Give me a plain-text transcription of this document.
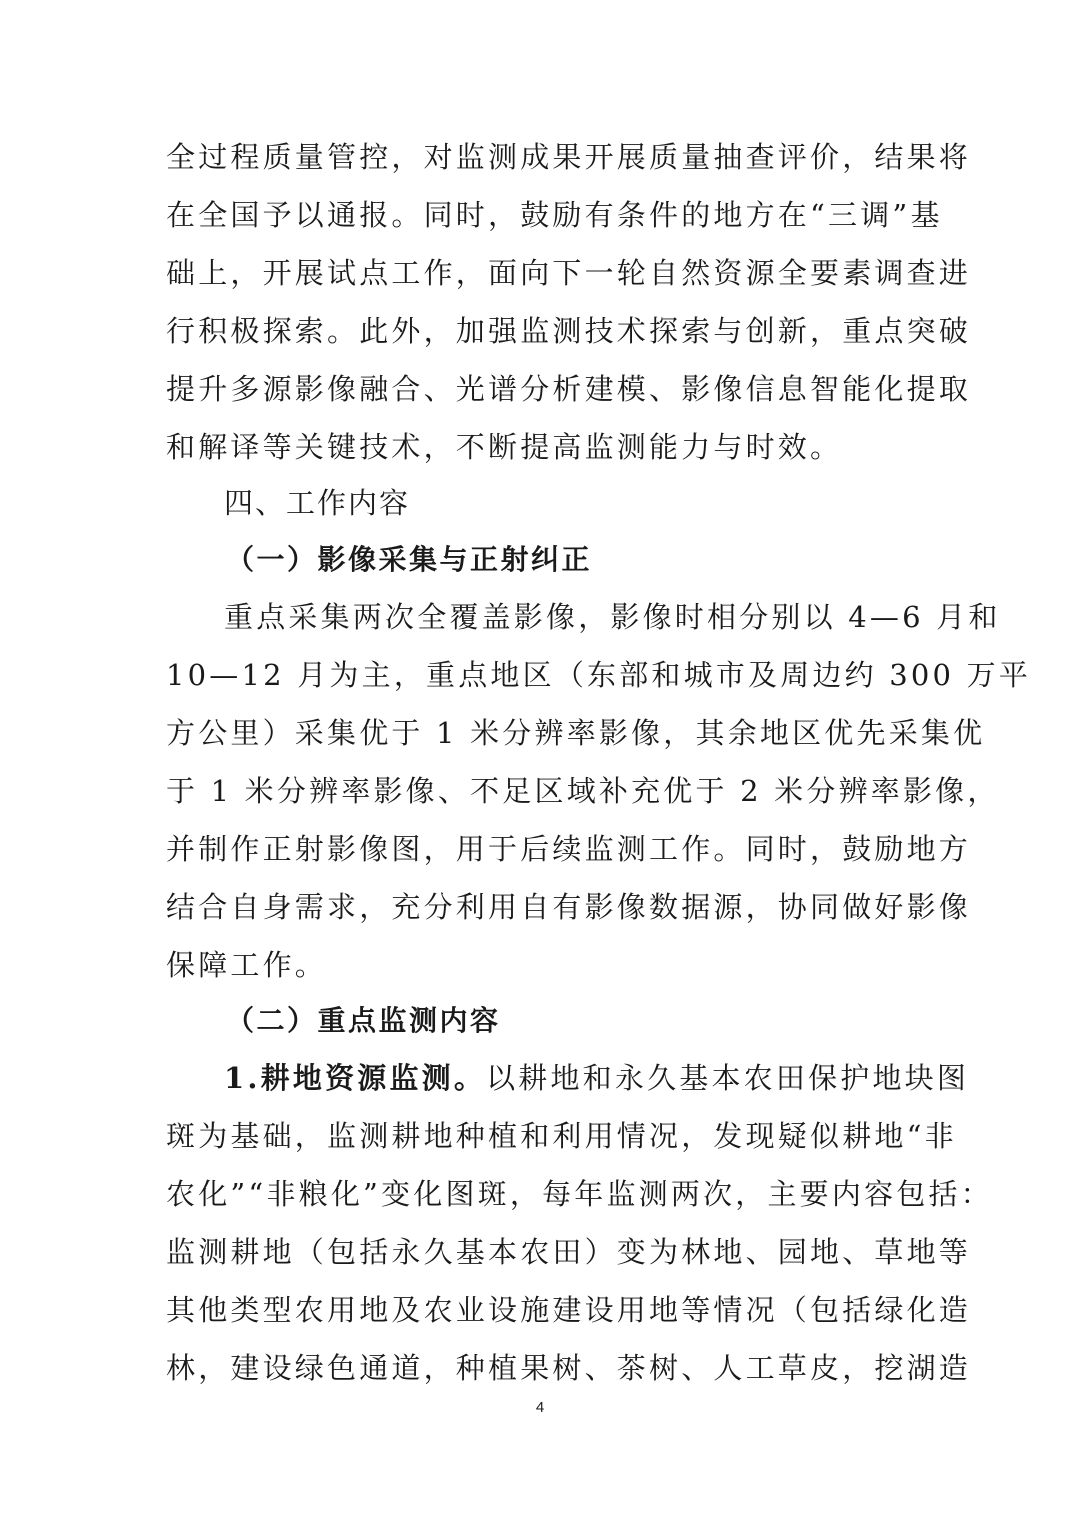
全过程质量管控，对监测成果开展质量抽查评价，结果将
在全国予以通报。同时，鼓励有条件的地方在“三调”基
础上，开展试点工作，面向下一轮自然资源全要素调查进
行积极探索。此外，加强监测技术探索与创新，重点突破
提升多源影像融合、光谱分析建模、影像信息智能化提取
和解译等关键技术，不断提高监测能力与时效。
四、工作内容
（一）影像采集与正射纠正
重点采集两次全覆盖影像，影像时相分别以 4—6 月和
10—12 月为主，重点地区（东部和城市及周边约 300 万平
方公里）采集优于 1 米分辨率影像，其余地区优先采集优
于 1 米分辨率影像、不足区域补充优于 2 米分辨率影像，
并制作正射影像图，用于后续监测工作。同时，鼓励地方
结合自身需求，充分利用自有影像数据源，协同做好影像
保障工作。
（二）重点监测内容
1.耕地资源监测。以耕地和永久基本农田保护地块图
斑为基础，监测耕地种植和利用情况，发现疑似耕地“非
农化”“非粮化”变化图斑，每年监测两次，主要内容包括：
监测耕地（包括永久基本农田）变为林地、园地、草地等
其他类型农用地及农业设施建设用地等情况（包括绿化造
林，建设绿色通道，种植果树、茶树、人工草皮，挖湖造
4
